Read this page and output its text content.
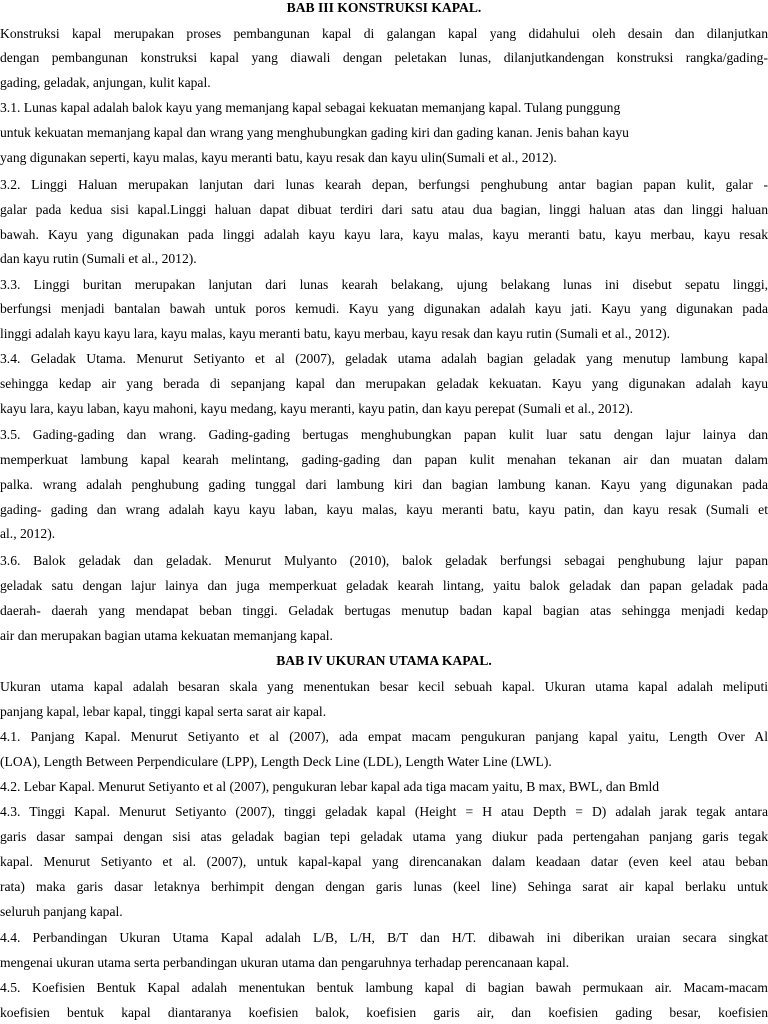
BAB III KONSTRUKSI KAPAL.
Konstruksi kapal merupakan proses pembangunan kapal di galangan kapal yang didahului oleh desain dan dilanjutkan
dengan pembangunan konstruksi kapal yang diawali dengan peletakan lunas, dilanjutkandengan konstruksi rangka/gading-
gading, geladak, anjungan, kulit kapal.
3.1. Lunas kapal adalah balok kayu yang memanjang kapal sebagai kekuatan memanjang kapal. Tulang punggung
untuk kekuatan memanjang kapal dan wrang yang menghubungkan gading kiri dan gading kanan. Jenis bahan kayu
yang digunakan seperti, kayu malas, kayu meranti batu, kayu resak dan kayu ulin(Sumali et al., 2012).
3.2. Linggi Haluan merupakan lanjutan dari lunas kearah depan, berfungsi penghubung antar bagian papan kulit, galar -
galar pada kedua sisi kapal.Linggi haluan dapat dibuat terdiri dari satu atau dua bagian, linggi haluan atas dan linggi haluan
bawah. Kayu yang digunakan pada linggi adalah kayu kayu lara, kayu malas, kayu meranti batu, kayu merbau, kayu resak
dan kayu rutin (Sumali et al., 2012).
3.3. Linggi buritan merupakan lanjutan dari lunas kearah belakang, ujung belakang lunas ini disebut sepatu linggi,
berfungsi menjadi bantalan bawah untuk poros kemudi. Kayu yang digunakan adalah kayu jati. Kayu yang digunakan pada
linggi adalah kayu kayu lara, kayu malas, kayu meranti batu, kayu merbau, kayu resak dan kayu rutin (Sumali et al., 2012).
3.4. Geladak Utama. Menurut Setiyanto et al (2007), geladak utama adalah bagian geladak yang menutup lambung kapal
sehingga kedap air yang berada di sepanjang kapal dan merupakan geladak kekuatan. Kayu yang digunakan adalah kayu
kayu lara, kayu laban, kayu mahoni, kayu medang, kayu meranti, kayu patin, dan kayu perepat (Sumali et al., 2012).
3.5. Gading-gading dan wrang. Gading-gading bertugas menghubungkan papan kulit luar satu dengan lajur lainya dan
memperkuat lambung kapal kearah melintang, gading-gading dan papan kulit menahan tekanan air dan muatan dalam
palka. wrang adalah penghubung gading tunggal dari lambung kiri dan bagian lambung kanan. Kayu yang digunakan pada
gading- gading dan wrang adalah kayu kayu laban, kayu malas, kayu meranti batu, kayu patin, dan kayu resak (Sumali et
al., 2012).
3.6. Balok geladak dan geladak. Menurut Mulyanto (2010), balok geladak berfungsi sebagai penghubung lajur papan
geladak satu dengan lajur lainya dan juga memperkuat geladak kearah lintang, yaitu balok geladak dan papan geladak pada
daerah- daerah yang mendapat beban tinggi. Geladak bertugas menutup badan kapal bagian atas sehingga menjadi kedap
air dan merupakan bagian utama kekuatan memanjang kapal.
BAB IV UKURAN UTAMA KAPAL.
Ukuran utama kapal adalah besaran skala yang menentukan besar kecil sebuah kapal. Ukuran utama kapal adalah meliputi
panjang kapal, lebar kapal, tinggi kapal serta sarat air kapal.
4.1. Panjang Kapal. Menurut Setiyanto et al (2007), ada empat macam pengukuran panjang kapal yaitu, Length Over Al
(LOA), Length Between Perpendiculare (LPP), Length Deck Line (LDL), Length Water Line (LWL).
4.2. Lebar Kapal. Menurut Setiyanto et al (2007), pengukuran lebar kapal ada tiga macam yaitu, B max, BWL, dan Bmld
4.3. Tinggi Kapal. Menurut Setiyanto (2007), tinggi geladak kapal (Height = H atau Depth = D) adalah jarak tegak antara
garis dasar sampai dengan sisi atas geladak bagian tepi geladak utama yang diukur pada pertengahan panjang garis tegak
kapal. Menurut Setiyanto et al. (2007), untuk kapal-kapal yang direncanakan dalam keadaan datar (even keel atau beban
rata) maka garis dasar letaknya berhimpit dengan dengan garis lunas (keel line) Sehinga sarat air kapal berlaku untuk
seluruh panjang kapal.
4.4. Perbandingan Ukuran Utama Kapal adalah L/B, L/H, B/T dan H/T. dibawah ini diberikan uraian secara singkat
mengenai ukuran utama serta perbandingan ukuran utama dan pengaruhnya terhadap perencanaan kapal.
4.5. Koefisien Bentuk Kapal adalah menentukan bentuk lambung kapal di bagian bawah permukaan air. Macam-macam
koefisien bentuk kapal diantaranya koefisien balok, koefisien garis air, dan koefisien gading besar, koefisien
